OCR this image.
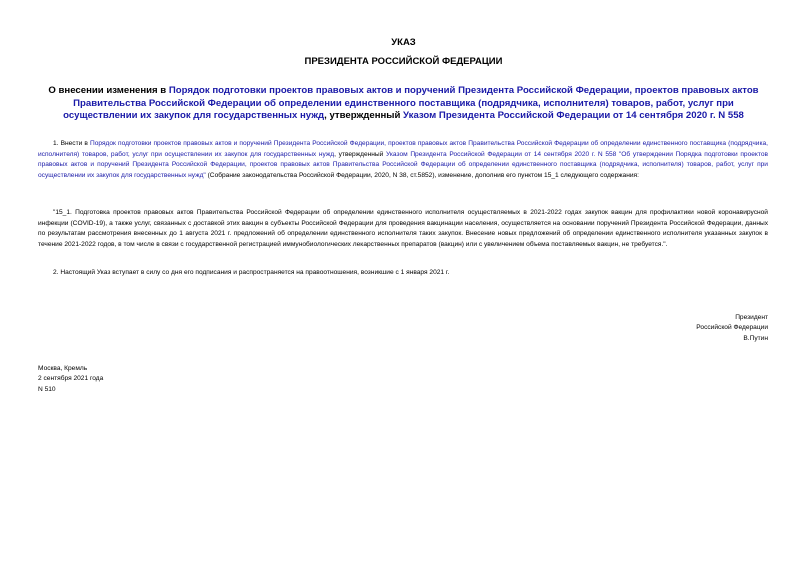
УКАЗ
ПРЕЗИДЕНТА РОССИЙСКОЙ ФЕДЕРАЦИИ
О внесении изменения в Порядок подготовки проектов правовых актов и поручений Президента Российской Федерации, проектов правовых актов Правительства Российской Федерации об определении единственного поставщика (подрядчика, исполнителя) товаров, работ, услуг при осуществлении их закупок для государственных нужд, утвержденный Указом Президента Российской Федерации от 14 сентября 2020 г. N 558
1. Внести в Порядок подготовки проектов правовых актов и поручений Президента Российской Федерации, проектов правовых актов Правительства Российской Федерации об определении единственного поставщика (подрядчика, исполнителя) товаров, работ, услуг при осуществлении их закупок для государственных нужд, утвержденный Указом Президента Российской Федерации от 14 сентября 2020 г. N 558 "Об утверждении Порядка подготовки проектов правовых актов и поручений Президента Российской Федерации, проектов правовых актов Правительства Российской Федерации об определении единственного поставщика (подрядчика, исполнителя) товаров, работ, услуг при осуществлении их закупок для государственных нужд" (Собрание законодательства Российской Федерации, 2020, N 38, ст.5852), изменение, дополнив его пунктом 15_1 следующего содержания:
"15_1. Подготовка проектов правовых актов Правительства Российской Федерации об определении единственного исполнителя осуществляемых в 2021-2022 годах закупок вакцин для профилактики новой коронавирусной инфекции (COVID-19), а также услуг, связанных с доставкой этих вакцин в субъекты Российской Федерации для проведения вакцинации населения, осуществляется на основании поручений Президента Российской Федерации, данных по результатам рассмотрения внесенных до 1 августа 2021 г. предложений об определении единственного исполнителя таких закупок. Внесение новых предложений об определении единственного исполнителя указанных закупок в течение 2021-2022 годов, в том числе в связи с государственной регистрацией иммунобиологических лекарственных препаратов (вакцин) или с увеличением объема поставляемых вакцин, не требуется.".
2. Настоящий Указ вступает в силу со дня его подписания и распространяется на правоотношения, возникшие с 1 января 2021 г.
Президент
Российской Федерации
В.Путин
Москва, Кремль
2 сентября 2021 года
N 510
